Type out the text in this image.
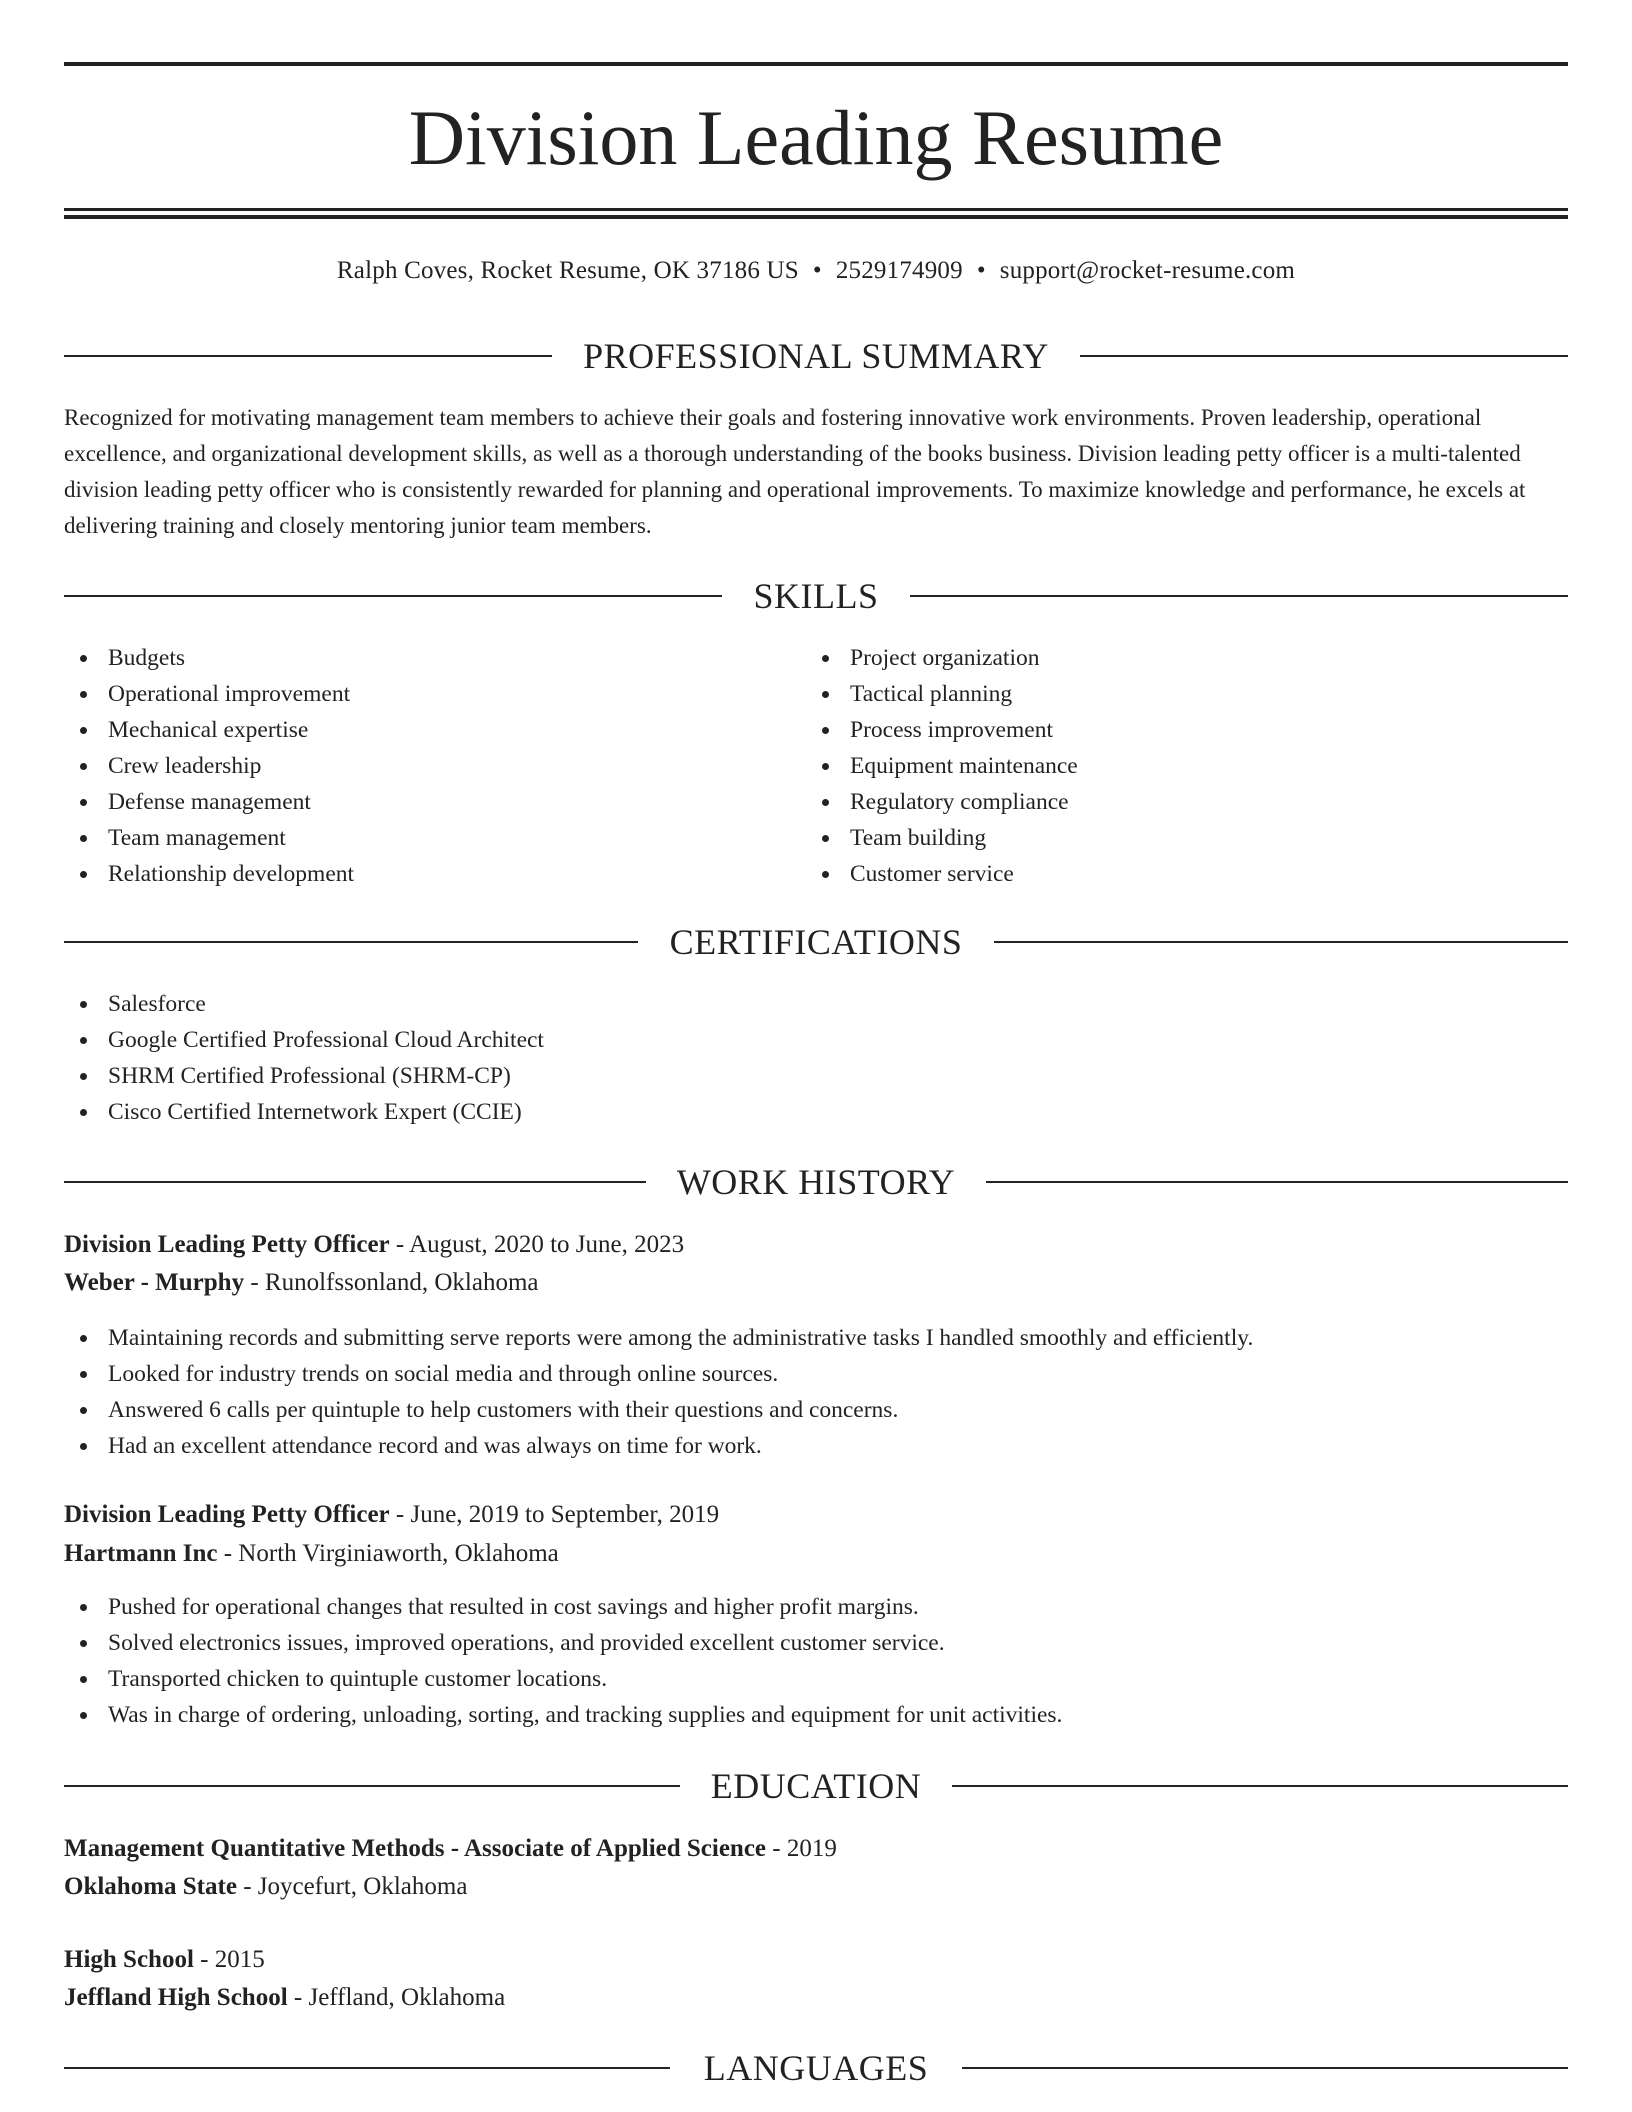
Division Leading Resume
Ralph Coves, Rocket Resume, OK 37186 US • 2529174909 • support@rocket-resume.com
PROFESSIONAL SUMMARY

Recognized for motivating management team members to achieve their goals and fostering innovative work environments. Proven leadership, operational excellence, and organizational development skills, as well as a thorough understanding of the books business. Division leading petty officer is a multi-talented division leading petty officer who is consistently rewarded for planning and operational improvements. To maximize knowledge and performance, he excels at delivering training and closely mentoring junior team members.

SKILLS
Budgets
Operational improvement
Mechanical expertise
Crew leadership
Defense management
Team management
Relationship development
Project organization
Tactical planning
Process improvement
Equipment maintenance
Regulatory compliance
Team building
Customer service
CERTIFICATIONS
Salesforce
Google Certified Professional Cloud Architect
SHRM Certified Professional (SHRM-CP)
Cisco Certified Internetwork Expert (CCIE)
WORK HISTORY
Division Leading Petty Officer - August, 2020 to June, 2023
Weber - Murphy - Runolfssonland, Oklahoma
Maintaining records and submitting serve reports were among the administrative tasks I handled smoothly and efficiently.
Looked for industry trends on social media and through online sources.
Answered 6 calls per quintuple to help customers with their questions and concerns.
Had an excellent attendance record and was always on time for work.
Division Leading Petty Officer - June, 2019 to September, 2019
Hartmann Inc - North Virginiaworth, Oklahoma
Pushed for operational changes that resulted in cost savings and higher profit margins.
Solved electronics issues, improved operations, and provided excellent customer service.
Transported chicken to quintuple customer locations.
Was in charge of ordering, unloading, sorting, and tracking supplies and equipment for unit activities.
EDUCATION
Management Quantitative Methods - Associate of Applied Science - 2019
Oklahoma State - Joycefurt, Oklahoma
High School - 2015
Jeffland High School - Jeffland, Oklahoma
LANGUAGES
